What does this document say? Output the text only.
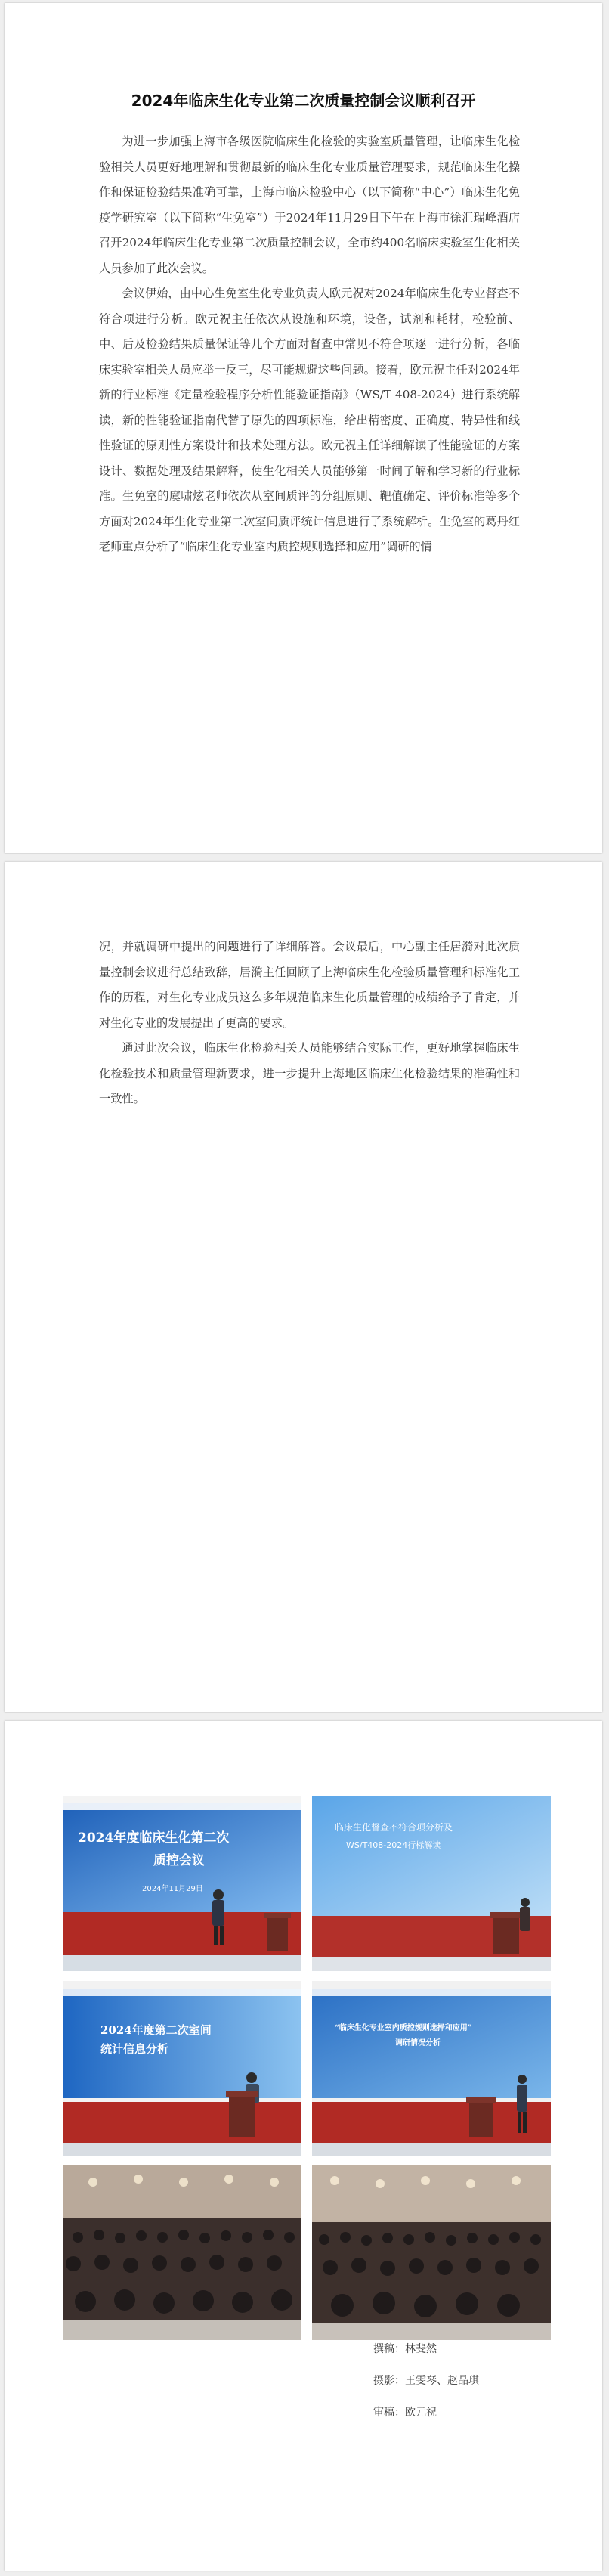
2024年临床生化专业第二次质量控制会议顺利召开

为进一步加强上海市各级医院临床生化检验的实验室质量管理，让临床生化检验相关人员更好地理解和贯彻最新的临床生化专业质量管理要求，规范临床生化操作和保证检验结果准确可靠，上海市临床检验中心（以下简称“中心”）临床生化免疫学研究室（以下简称“生免室”）于2024年11月29日下午在上海市徐汇瑞峰酒店召开2024年临床生化专业第二次质量控制会议，全市约400名临床实验室生化相关人员参加了此次会议。

会议伊始，由中心生免室生化专业负责人欧元祝对2024年临床生化专业督查不符合项进行分析。欧元祝主任依次从设施和环境，设备，试剂和耗材，检验前、中、后及检验结果质量保证等几个方面对督查中常见不符合项逐一进行分析，各临床实验室相关人员应举一反三，尽可能规避这些问题。接着，欧元祝主任对2024年新的行业标准《定量检验程序分析性能验证指南》（WS/T 408-2024）进行系统解读，新的性能验证指南代替了原先的四项标准，给出精密度、正确度、特异性和线性验证的原则性方案设计和技术处理方法。欧元祝主任详细解读了性能验证的方案设计、数据处理及结果解释，使生化相关人员能够第一时间了解和学习新的行业标准。生免室的虞啸炫老师依次从室间质评的分组原则、靶值确定、评价标准等多个方面对2024年生化专业第二次室间质评统计信息进行了系统解析。生免室的葛丹红老师重点分析了“临床生化专业室内质控规则选择和应用”调研的情

况，并就调研中提出的问题进行了详细解答。会议最后，中心副主任居漪对此次质量控制会议进行总结致辞，居漪主任回顾了上海临床生化检验质量管理和标准化工作的历程，对生化专业成员这么多年规范临床生化质量管理的成绩给予了肯定，并对生化专业的发展提出了更高的要求。

通过此次会议，临床生化检验相关人员能够结合实际工作，更好地掌握临床生化检验技术和质量管理新要求，进一步提升上海地区临床生化检验结果的准确性和一致性。

2024年度临床生化第二次
质控会议
2024年11月29日
临床生化督查不符合项分析及
WS/T408-2024行标解读
2024年度第二次室间
统计信息分析
“临床生化专业室内质控规则选择和应用”
调研情况分析
撰稿：林斐然
摄影：王雯琴、赵晶琪
审稿：欧元祝
